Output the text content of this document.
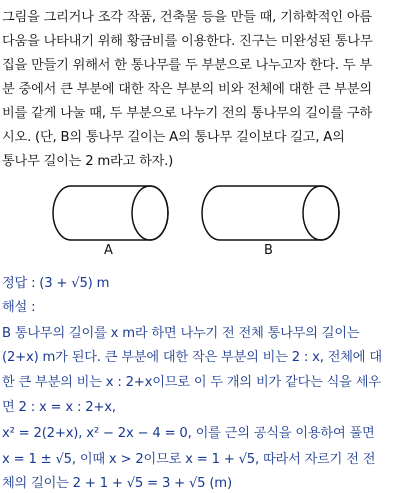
그림을 그리거나 조각 작품, 건축물 등을 만들 때, 기하학적인 아름
다움을 나타내기 위해 황금비를 이용한다. 진구는 미완성된 통나무
집을 만들기 위해서 한 통나무를 두 부분으로 나누고자 한다. 두 부
분 중에서 큰 부분에 대한 작은 부분의 비와 전체에 대한 큰 부분의
비를 같게 나눌 때, 두 부분으로 나누기 전의 통나무의 길이를 구하
시오. (단, B의 통나무 길이는 A의 통나무 길이보다 길고, A의
통나무 길이는 2 m라고 하자.)
A	B
정답 : (3 + √5) m
해설 :
B 통나무의 길이를 x m라 하면 나누기 전 전체 통나무의 길이는
(2+x) m가 된다. 큰 부분에 대한 작은 부분의 비는 2 : x, 전체에 대
한 큰 부분의 비는 x : 2+x이므로 이 두 개의 비가 같다는 식을 세우
면 2 : x = x : 2+x,
x² = 2(2+x), x² − 2x − 4 = 0, 이를 근의 공식을 이용하여 풀면
x = 1 ± √5, 이때 x > 2이므로 x = 1 + √5, 따라서 자르기 전 전
체의 길이는 2 + 1 + √5 = 3 + √5 (m)
